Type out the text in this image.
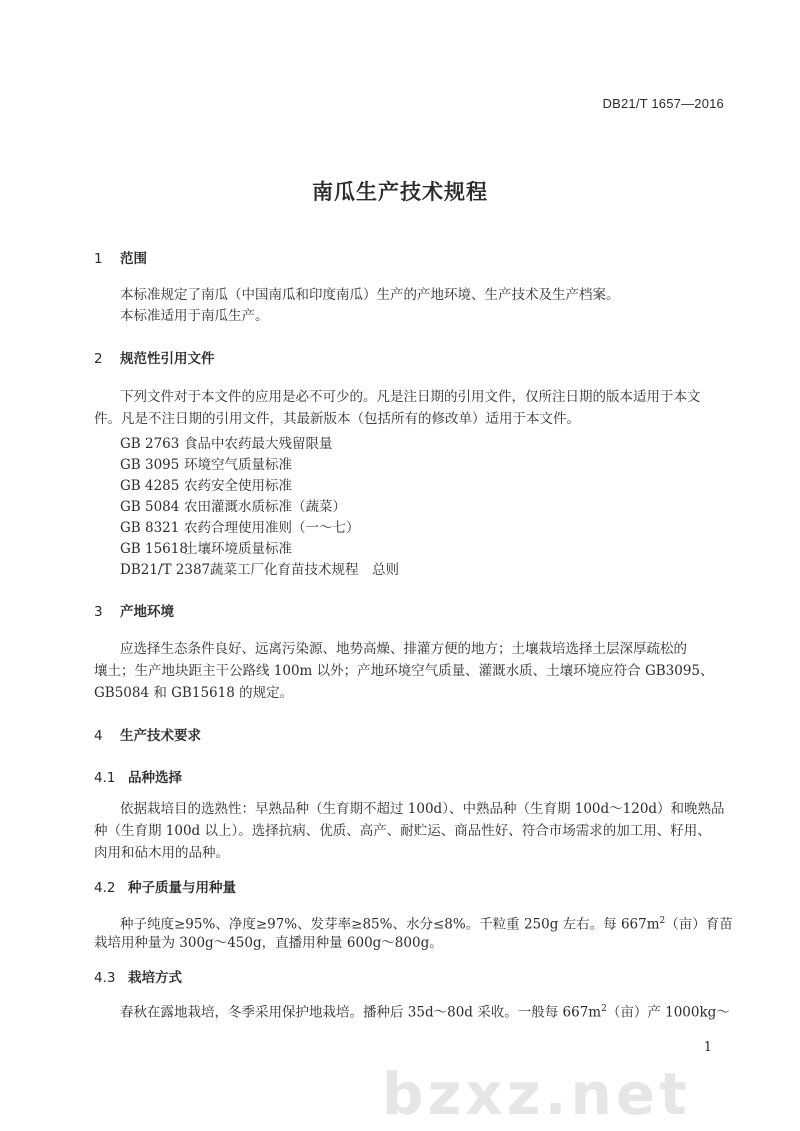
DB21/T 1657—2016
南瓜生产技术规程
1 范围
本标准规定了南瓜（中国南瓜和印度南瓜）生产的产地环境、生产技术及生产档案。
本标准适用于南瓜生产。
2 规范性引用文件
下列文件对于本文件的应用是必不可少的。凡是注日期的引用文件，仅所注日期的版本适用于本文
件。凡是不注日期的引用文件，其最新版本（包括所有的修改单）适用于本文件。
GB 2763 食品中农药最大残留限量
GB 3095 环境空气质量标准
GB 4285 农药安全使用标准
GB 5084 农田灌溉水质标准（蔬菜）
GB 8321 农药合理使用准则（一～七）
GB 15618土壤环境质量标准
DB21/T 2387蔬菜工厂化育苗技术规程　总则
3 产地环境
应选择生态条件良好、远离污染源、地势高燥、排灌方便的地方；土壤栽培选择土层深厚疏松的
壤土；生产地块距主干公路线 100m 以外；产地环境空气质量、灌溉水质、土壤环境应符合 GB3095、
GB5084 和 GB15618 的规定。
4 生产技术要求
4.1 品种选择
依据栽培目的选熟性：早熟品种（生育期不超过 100d）、中熟品种（生育期 100d～120d）和晚熟品
种（生育期 100d 以上）。选择抗病、优质、高产、耐贮运、商品性好、符合市场需求的加工用、籽用、
肉用和砧木用的品种。
4.2 种子质量与用种量
种子纯度≥95%、净度≥97%、发芽率≥85%、水分≤8%。千粒重 250g 左右。每 $667m^2$（亩）育苗
栽培用种量为 300g～450g，直播用种量 600g～800g。
4.3 栽培方式
春秋在露地栽培，冬季采用保护地栽培。播种后 35d～80d 采收。一般每 $667m^2$（亩）产 1000kg～
1
bzxz.net
